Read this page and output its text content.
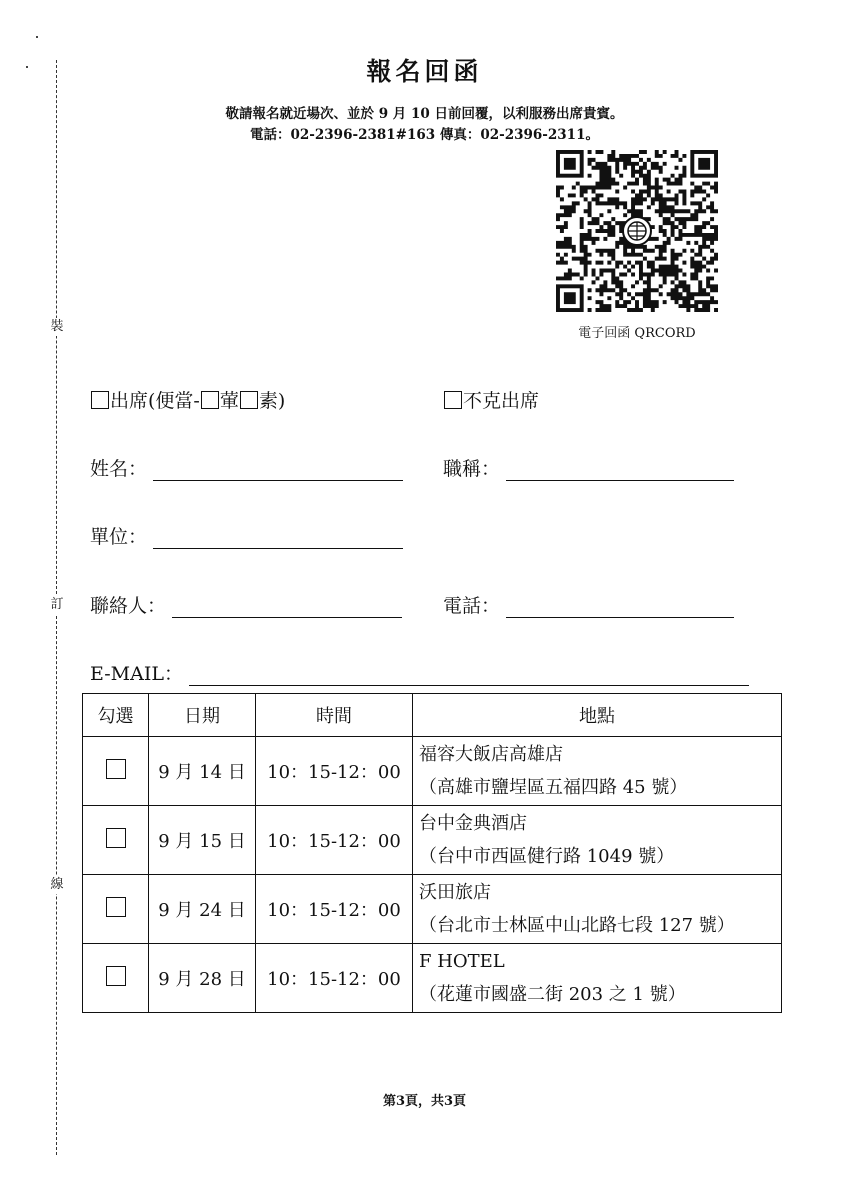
裝
訂
線
報名回函
敬請報名就近場次、並於 9 月 10 日前回覆，以利服務出席貴賓。
電話：02-2396-2381#163 傳真：02-2396-2311。
電子回函 QRCORD
出席(便當- 葷 素)	不克出席
姓名：	職稱：
單位：
聯絡人：	電話：
E-MAIL：
勾選	日期	時間	地點
	9 月 14 日	10：15-12：00	福容大飯店高雄店
（高雄市鹽埕區五福四路 45 號）

	9 月 15 日	10：15-12：00	台中金典酒店
（台中市西區健行路 1049 號）

	9 月 24 日	10：15-12：00	沃田旅店
（台北市士林區中山北路七段 127 號）

	9 月 28 日	10：15-12：00	F HOTEL
（花蓮市國盛二街 203 之 1 號）
第3頁，共3頁
